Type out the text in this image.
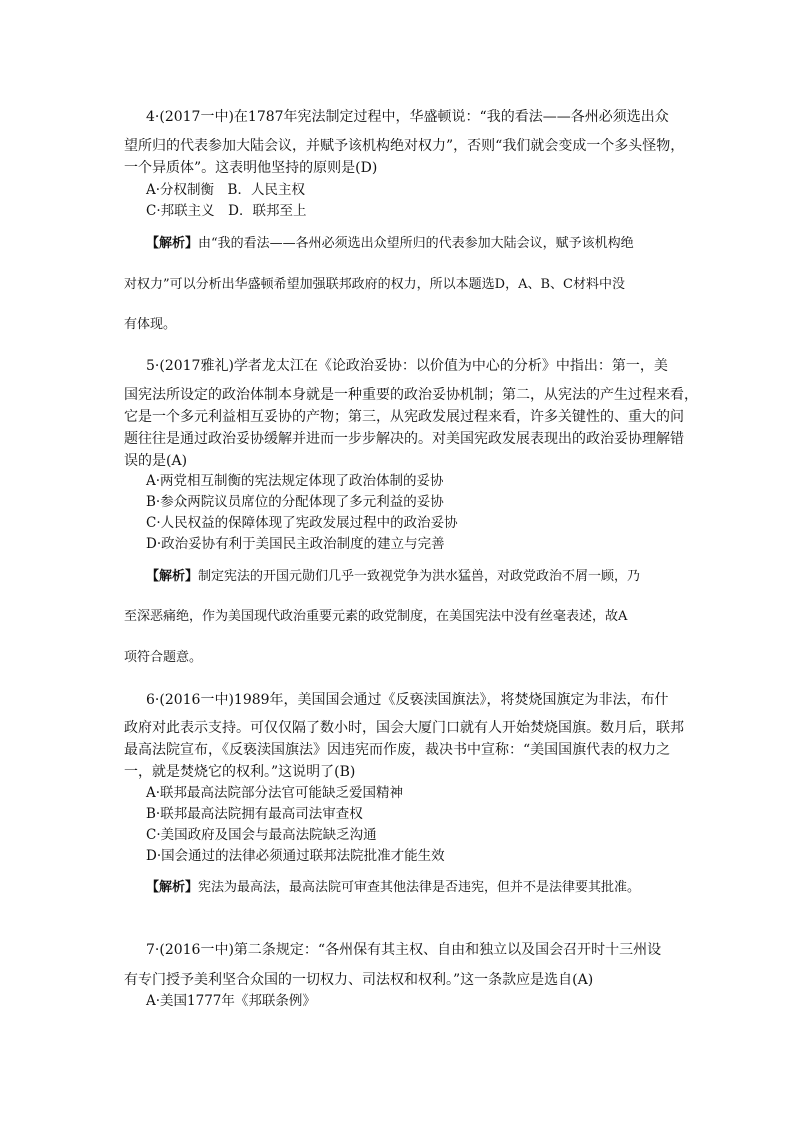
4·(2017一中)在1787年宪法制定过程中，华盛顿说：“我的看法——各州必须选出众
望所归的代表参加大陆会议，并赋予该机构绝对权力”，否则“我们就会变成一个多头怪物，
一个异质体”。这表明他坚持的原则是(D)
A·分权制衡　B．人民主权
C·邦联主义　D．联邦至上
【解析】由“我的看法——各州必须选出众望所归的代表参加大陆会议，赋予该机构绝
对权力”可以分析出华盛顿希望加强联邦政府的权力，所以本题选D，A、B、C材料中没
有体现。
5·(2017雅礼)学者龙太江在《论政治妥协：以价值为中心的分析》中指出：第一，美
国宪法所设定的政治体制本身就是一种重要的政治妥协机制；第二，从宪法的产生过程来看，
它是一个多元利益相互妥协的产物；第三，从宪政发展过程来看，许多关键性的、重大的问
题往往是通过政治妥协缓解并进而一步步解决的。对美国宪政发展表现出的政治妥协理解错
误的是(A)
A·两党相互制衡的宪法规定体现了政治体制的妥协
B·参众两院议员席位的分配体现了多元利益的妥协
C·人民权益的保障体现了宪政发展过程中的政治妥协
D·政治妥协有利于美国民主政治制度的建立与完善
【解析】制定宪法的开国元勋们几乎一致视党争为洪水猛兽，对政党政治不屑一顾，乃
至深恶痛绝，作为美国现代政治重要元素的政党制度，在美国宪法中没有丝毫表述，故A
项符合题意。
6·(2016一中)1989年，美国国会通过《反亵渎国旗法》，将焚烧国旗定为非法，布什
政府对此表示支持。可仅仅隔了数小时，国会大厦门口就有人开始焚烧国旗。数月后，联邦
最高法院宣布，《反亵渎国旗法》因违宪而作废，裁决书中宣称：“美国国旗代表的权力之
一，就是焚烧它的权利。”这说明了(B)
A·联邦最高法院部分法官可能缺乏爱国精神
B·联邦最高法院拥有最高司法审查权
C·美国政府及国会与最高法院缺乏沟通
D·国会通过的法律必须通过联邦法院批准才能生效
【解析】宪法为最高法，最高法院可审查其他法律是否违宪，但并不是法律要其批准。
7·(2016一中)第二条规定：“各州保有其主权、自由和独立以及国会召开时十三州设
有专门授予美利坚合众国的一切权力、司法权和权利。”这一条款应是选自(A)
A·美国1777年《邦联条例》
